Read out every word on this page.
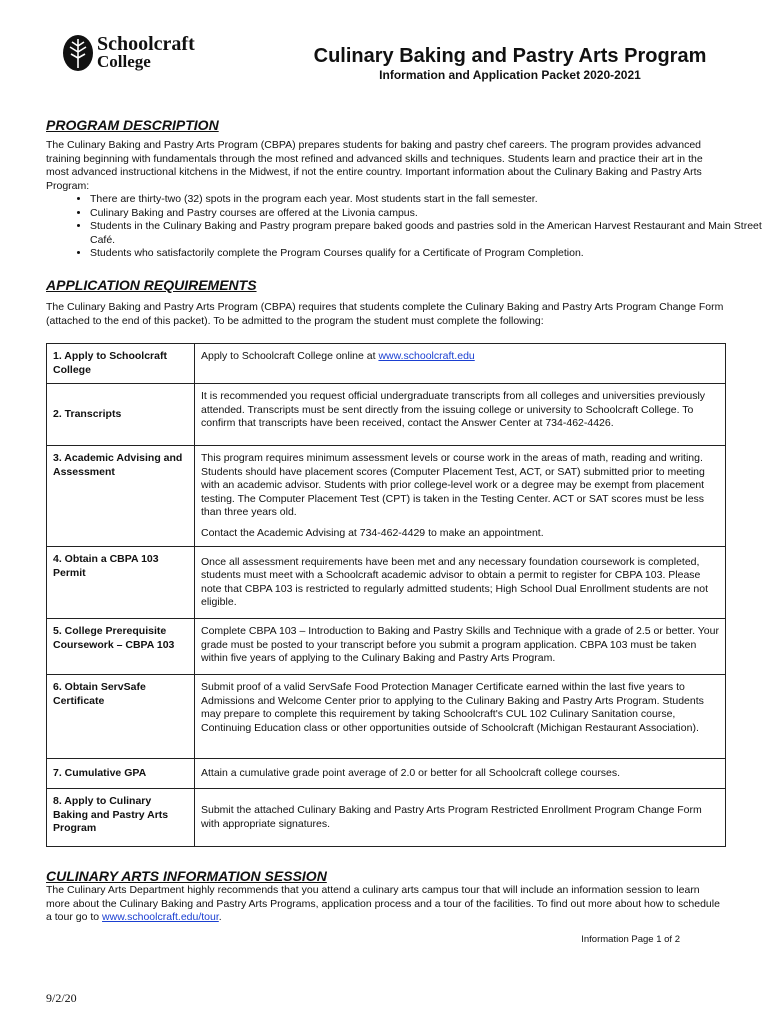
Schoolcraft
College	Culinary Baking and Pastry Arts Program
Information and Application Packet 2020-2021
PROGRAM DESCRIPTION
The Culinary Baking and Pastry Arts Program (CBPA) prepares students for baking and pastry chef careers. The program provides advanced training beginning with fundamentals through the most refined and advanced skills and techniques. Students learn and practice their art in the most advanced instructional kitchens in the Midwest, if not the entire country. Important information about the Culinary Baking and Pastry Arts Program:
• There are thirty-two (32) spots in the program each year. Most students start in the fall semester.
• Culinary Baking and Pastry courses are offered at the Livonia campus.
• Students in the Culinary Baking and Pastry program prepare baked goods and pastries sold in the American Harvest Restaurant and Main Street Café.
• Students who satisfactorily complete the Program Courses qualify for a Certificate of Program Completion.
APPLICATION REQUIREMENTS
The Culinary Baking and Pastry Arts Program (CBPA) requires that students complete the Culinary Baking and Pastry Arts Program Change Form (attached to the end of this packet). To be admitted to the program the student must complete the following:
1. Apply to Schoolcraft College	Apply to Schoolcraft College online at www.schoolcraft.edu
2. Transcripts	It is recommended you request official undergraduate transcripts from all colleges and universities previously attended. Transcripts must be sent directly from the issuing college or university to Schoolcraft College. To confirm that transcripts have been received, contact the Answer Center at 734-462-4426.
3. Academic Advising and Assessment	This program requires minimum assessment levels or course work in the areas of math, reading and writing. Students should have placement scores (Computer Placement Test, ACT, or SAT) submitted prior to meeting with an academic advisor. Students with prior college-level work or a degree may be exempt from placement testing. The Computer Placement Test (CPT) is taken in the Testing Center. ACT or SAT scores must be less than three years old.
Contact the Academic Advising at 734-462-4429 to make an appointment.

4. Obtain a CBPA 103 Permit	Once all assessment requirements have been met and any necessary foundation coursework is completed, students must meet with a Schoolcraft academic advisor to obtain a permit to register for CBPA 103. Please note that CBPA 103 is restricted to regularly admitted students; High School Dual Enrollment students are not eligible.
5. College Prerequisite Coursework – CBPA 103	Complete CBPA 103 – Introduction to Baking and Pastry Skills and Technique with a grade of 2.5 or better. Your grade must be posted to your transcript before you submit a program application. CBPA 103 must be taken within five years of applying to the Culinary Baking and Pastry Arts Program.
6. Obtain ServSafe Certificate	Submit proof of a valid ServSafe Food Protection Manager Certificate earned within the last five years to Admissions and Welcome Center prior to applying to the Culinary Baking and Pastry Arts Program. Students may prepare to complete this requirement by taking Schoolcraft's CUL 102 Culinary Sanitation course, Continuing Education class or other opportunities outside of Schoolcraft (Michigan Restaurant Association).
7. Cumulative GPA	Attain a cumulative grade point average of 2.0 or better for all Schoolcraft college courses.
8. Apply to Culinary Baking and Pastry Arts Program	Submit the attached Culinary Baking and Pastry Arts Program Restricted Enrollment Program Change Form with appropriate signatures.
CULINARY ARTS INFORMATION SESSION
The Culinary Arts Department highly recommends that you attend a culinary arts campus tour that will include an information session to learn more about the Culinary Baking and Pastry Arts Programs, application process and a tour of the facilities. To find out more about how to schedule a tour go to www.schoolcraft.edu/tour.
Information Page 1 of 2
9/2/20
